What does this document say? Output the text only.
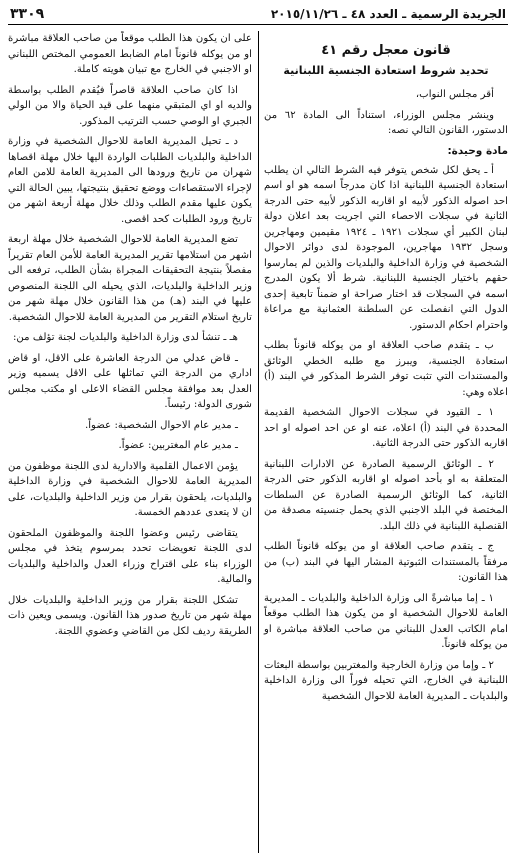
الجريدة الرسمية ـ العدد ٤٨ ـ ٢٠١٥/١١/٢٦
٣٣٠٩
قانون معجل رقم ٤١
تحديد شروط استعادة الجنسية اللبنانية

أقر مجلس النواب،

وينشر مجلس الوزراء، استناداً الى المادة ٦٢ من الدستور، القانون التالي نصه:

مادة وحيدة:

أ ـ يحق لكل شخص يتوفر فيه الشرط التالي ان يطلب استعادة الجنسية اللبنانية اذا كان مدرجاً اسمه هو او اسم احد اصوله الذكور لأبيه او اقاربه الذكور لأبيه حتى الدرجة الثانية في سجلات الاحصاء التي اجريت بعد اعلان دولة لبنان الكبير أي سجلات ١٩٢١ ـ ١٩٢٤ مقيمين ومهاجرين وسجل ١٩٣٢ مهاجرين، الموجودة لدى دوائر الاحوال الشخصية في وزارة الداخلية والبلديات والذين لم يمارسوا حقهم باختيار الجنسية اللبنانية. شرط ألا يكون المدرج اسمه في السجلات قد اختار صراحة او ضمناً تابعية إحدى الدول التي انفصلت عن السلطنة العثمانية مع مراعاة واحترام احكام الدستور.

ب ـ يتقدم صاحب العلاقة او من يوكله قانوناً بطلب استعادة الجنسية، ويبرز مع طلبه الخطي الوثائق والمستندات التي تثبت توفر الشرط المذكور في البند (أ) اعلاه وهي:

١ ـ القيود في سجلات الاحوال الشخصية القديمة المحددة في البند (أ) اعلاه، عنه او عن احد اصوله او احد اقاربه الذكور حتى الدرجة الثانية.

٢ ـ الوثائق الرسمية الصادرة عن الادارات اللبنانية المتعلقة به او بأحد اصوله او اقاربه الذكور حتى الدرجة الثانية، كما الوثائق الرسمية الصادرة عن السلطات المختصة في البلد الاجنبي الذي يحمل جنسيته مصدقة من القنصلية اللبنانية في ذلك البلد.

ج ـ يتقدم صاحب العلاقة او من يوكله قانوناً الطلب مرفقاً بالمستندات الثبوتية المشار اليها في البند (ب) من هذا القانون:

١ ـ إما مباشرةً الى وزارة الداخلية والبلديات ـ المديرية العامة للاحوال الشخصية او من يكون هذا الطلب موقعاً امام الكاتب العدل اللبناني من صاحب العلاقة مباشرة او من يوكله قانوناً.

٢ ـ وإما من وزارة الخارجية والمغتربين بواسطة البعثات اللبنانية في الخارج، التي تحيله فوراً الى وزارة الداخلية والبلديات ـ المديرية العامة للاحوال الشخصية

على ان يكون هذا الطلب موقعاً من صاحب العلاقة مباشرة او من يوكله قانوناً امام الضابط العمومي المختص اللبناني او الاجنبي في الخارج مع تبيان هويته كاملة.

اذا كان صاحب العلاقة قاصراً فيُقدم الطلب بواسطة والديه او اي المتبقي منهما على قيد الحياة والا من الولي الجبري او الوصي حسب الترتيب المذكور.

د ـ تحيل المديرية العامة للاحوال الشخصية في وزارة الداخلية والبلديات الطلبات الواردة اليها خلال مهلة اقصاها شهران من تاريخ ورودها الى المديرية العامة للامن العام لإجراء الاستقصاءات ووضع تحقيق بنتيجتها، يبين الحالة التي يكون عليها مقدم الطلب وذلك خلال مهلة أربعة اشهر من تاريخ ورود الطلبات كحد اقصى.

تضع المديرية العامة للاحوال الشخصية خلال مهلة اربعة اشهر من استلامها تقرير المديرية العامة للأمن العام تقريراً مفصلاً بنتيجة التحقيقات المجراة بشأن الطلب، ترفعه الى وزير الداخلية والبلديات، الذي يحيله الى اللجنة المنصوص عليها في البند (هـ) من هذا القانون خلال مهلة شهر من تاريخ استلام التقرير من المديرية العامة للاحوال الشخصية.

هـ ـ تنشأ لدى وزارة الداخلية والبلديات لجنة تؤلف من:

ـ قاض عدلي من الدرجة العاشرة على الاقل، او قاض اداري من الدرجة التي تماثلها على الاقل يسميه وزير العدل بعد موافقة مجلس القضاء الاعلى او مكتب مجلس شورى الدولة: رئيساً.

ـ مدير عام الاحوال الشخصية: عضواً.

ـ مدير عام المغتربين: عضواً.

يؤمن الاعمال القلمية والادارية لدى اللجنة موظفون من المديرية العامة للاحوال الشخصية في وزارة الداخلية والبلديات، يلحقون بقرار من وزير الداخلية والبلديات، على ان لا يتعدى عددهم الخمسة.

يتقاضى رئيس وعضوا اللجنة والموظفون الملحقون لدى اللجنة تعويضات تحدد بمرسوم يتخذ في مجلس الوزراء بناء على اقتراح وزراء العدل والداخلية والبلديات والمالية.

تشكل اللجنة بقرار من وزير الداخلية والبلديات خلال مهلة شهر من تاريخ صدور هذا القانون. ويسمى ويعين ذات الطريقة رديف لكل من القاضي وعضوي اللجنة.
